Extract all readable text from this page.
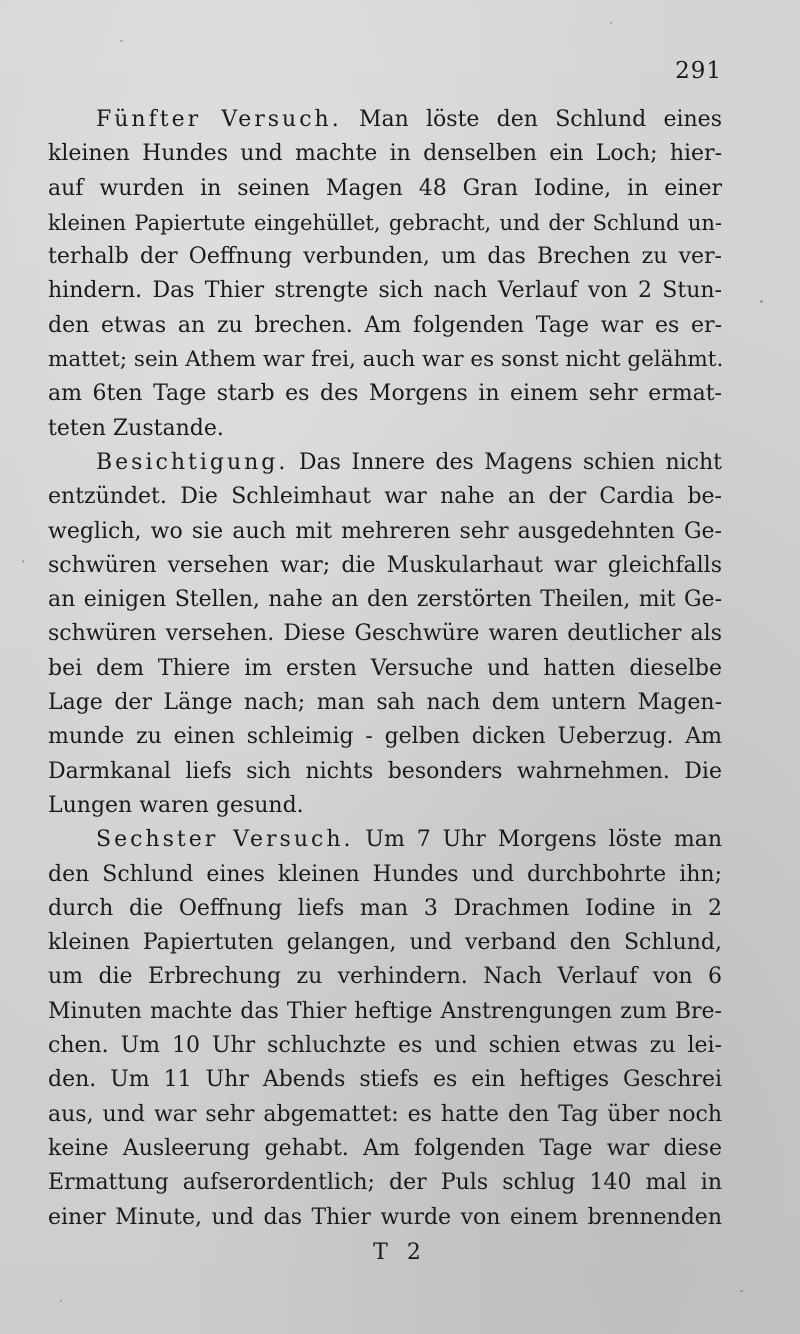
291
Fünfter Versuch. Man löste den Schlund eines
kleinen Hundes und machte in denselben ein Loch; hier-
auf wurden in seinen Magen 48 Gran Iodine, in einer
kleinen Papiertute eingehüllet, gebracht, und der Schlund un-
terhalb der Oeffnung verbunden, um das Brechen zu ver-
hindern. Das Thier strengte sich nach Verlauf von 2 Stun-
den etwas an zu brechen. Am folgenden Tage war es er-
mattet; sein Athem war frei, auch war es sonst nicht gelähmt.
am 6ten Tage starb es des Morgens in einem sehr ermat-
teten Zustande.
Besichtigung. Das Innere des Magens schien nicht
entzündet. Die Schleimhaut war nahe an der Cardia be-
weglich, wo sie auch mit mehreren sehr ausgedehnten Ge-
schwüren versehen war; die Muskularhaut war gleichfalls
an einigen Stellen, nahe an den zerstörten Theilen, mit Ge-
schwüren versehen. Diese Geschwüre waren deutlicher als
bei dem Thiere im ersten Versuche und hatten dieselbe
Lage der Länge nach; man sah nach dem untern Magen-
munde zu einen schleimig - gelben dicken Ueberzug. Am
Darmkanal liefs sich nichts besonders wahrnehmen. Die
Lungen waren gesund.
Sechster Versuch. Um 7 Uhr Morgens löste man
den Schlund eines kleinen Hundes und durchbohrte ihn;
durch die Oeffnung liefs man 3 Drachmen Iodine in 2
kleinen Papiertuten gelangen, und verband den Schlund,
um die Erbrechung zu verhindern. Nach Verlauf von 6
Minuten machte das Thier heftige Anstrengungen zum Bre-
chen. Um 10 Uhr schluchzte es und schien etwas zu lei-
den. Um 11 Uhr Abends stiefs es ein heftiges Geschrei
aus, und war sehr abgemattet: es hatte den Tag über noch
keine Ausleerung gehabt. Am folgenden Tage war diese
Ermattung aufserordentlich; der Puls schlug 140 mal in
einer Minute, und das Thier wurde von einem brennenden
T 2
